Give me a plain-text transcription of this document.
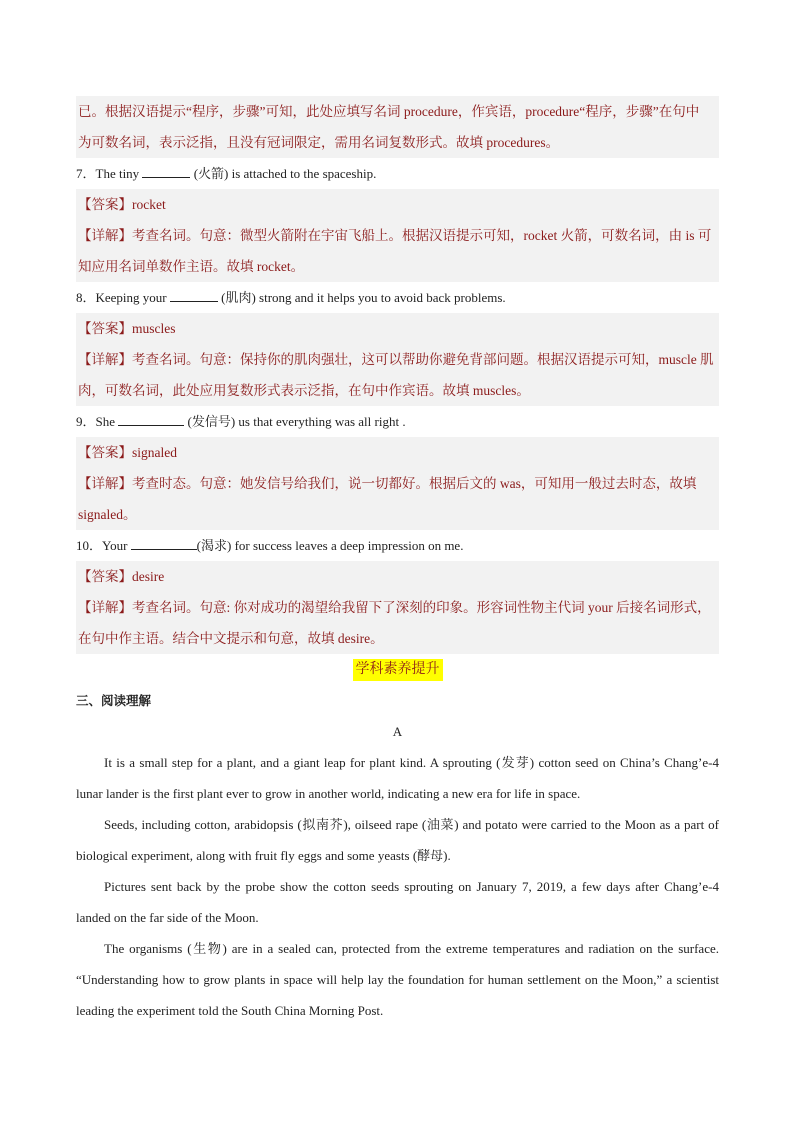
已。根据汉语提示“程序，步骤”可知，此处应填写名词 procedure，作宾语，procedure“程序，步骤”在句中
为可数名词，表示泛指，且没有冠词限定，需用名词复数形式。故填 procedures。
7．The tiny	(火箭) is attached to the spaceship.
【答案】rocket
【详解】考查名词。句意：微型火箭附在宇宙飞船上。根据汉语提示可知，rocket 火箭，可数名词，由 is 可知应用名词单数作主语。故填 rocket。
8．Keeping your	(肌肉) strong and it helps you to avoid back problems.
【答案】muscles
【详解】考查名词。句意：保持你的肌肉强壮，这可以帮助你避免背部问题。根据汉语提示可知，muscle 肌肉，可数名词，此处应用复数形式表示泛指，在句中作宾语。故填 muscles。
9．She	(发信号) us that everything was all right .
【答案】signaled
【详解】考查时态。句意：她发信号给我们，说一切都好。根据后文的 was，可知用一般过去时态，故填 signaled。
10．Your	(渴求) for success leaves a deep impression on me.
【答案】desire
【详解】考查名词。句意: 你对成功的渴望给我留下了深刻的印象。形容词性物主代词 your 后接名词形式，在句中作主语。结合中文提示和句意，故填 desire。
学科素养提升
三、阅读理解
A
It is a small step for a plant, and a giant leap for plant kind. A sprouting (发芽) cotton seed on China’s Chang’e-4 lunar lander is the first plant ever to grow in another world, indicating a new era for life in space.
Seeds, including cotton, arabidopsis (拟南芥), oilseed rape (油菜) and potato were carried to the Moon as a part of biological experiment, along with fruit fly eggs and some yeasts (酵母).
Pictures sent back by the probe show the cotton seeds sprouting on January 7, 2019, a few days after Chang’e-4 landed on the far side of the Moon.
The organisms (生物) are in a sealed can, protected from the extreme temperatures and radiation on the surface. “Understanding how to grow plants in space will help lay the foundation for human settlement on the Moon,” a scientist leading the experiment told the South China Morning Post.
